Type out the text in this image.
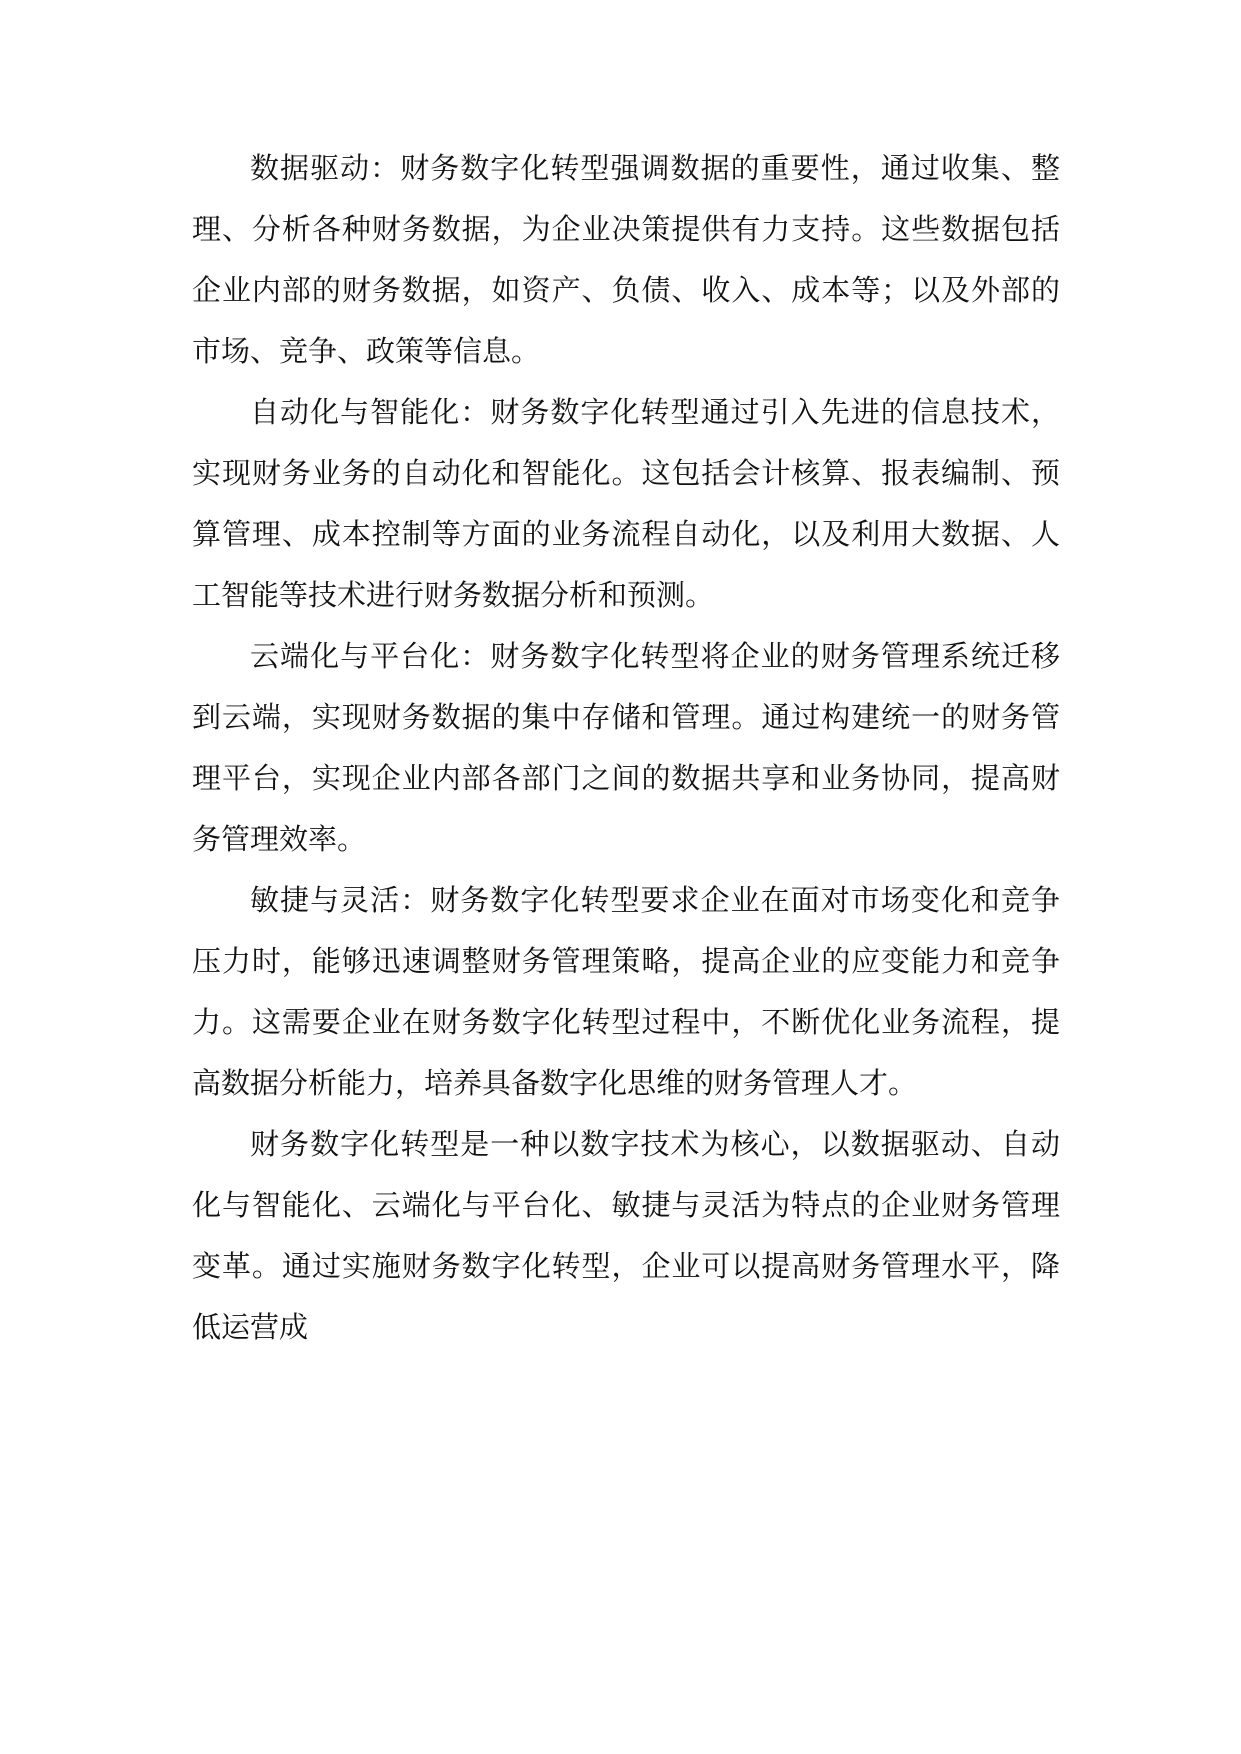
数据驱动：财务数字化转型强调数据的重要性，通过收集、整理、分析各种财务数据，为企业决策提供有力支持。这些数据包括企业内部的财务数据，如资产、负债、收入、成本等；以及外部的市场、竞争、政策等信息。

自动化与智能化：财务数字化转型通过引入先进的信息技术，实现财务业务的自动化和智能化。这包括会计核算、报表编制、预算管理、成本控制等方面的业务流程自动化，以及利用大数据、人工智能等技术进行财务数据分析和预测。

云端化与平台化：财务数字化转型将企业的财务管理系统迁移到云端，实现财务数据的集中存储和管理。通过构建统一的财务管理平台，实现企业内部各部门之间的数据共享和业务协同，提高财务管理效率。

敏捷与灵活：财务数字化转型要求企业在面对市场变化和竞争压力时，能够迅速调整财务管理策略，提高企业的应变能力和竞争力。这需要企业在财务数字化转型过程中，不断优化业务流程，提高数据分析能力，培养具备数字化思维的财务管理人才。

财务数字化转型是一种以数字技术为核心，以数据驱动、自动化与智能化、云端化与平台化、敏捷与灵活为特点的企业财务管理变革。通过实施财务数字化转型，企业可以提高财务管理水平，降低运营成
